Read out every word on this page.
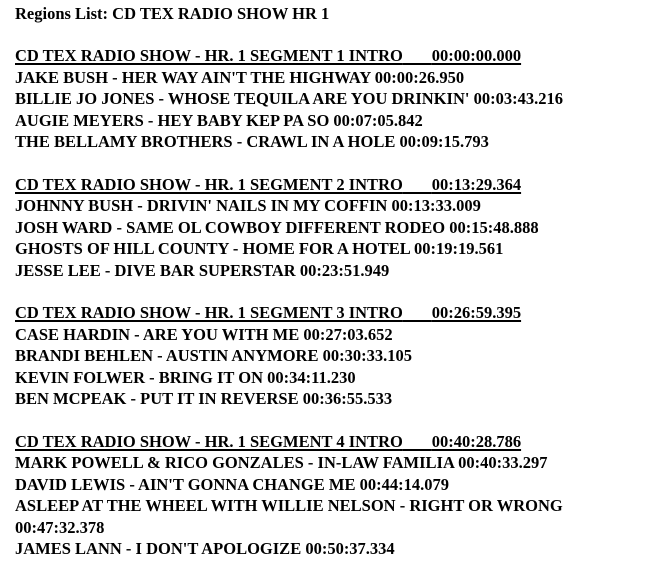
Regions List: CD TEX RADIO SHOW HR 1
CD TEX RADIO SHOW - HR. 1 SEGMENT 1 INTRO 00:00:00.000
JAKE BUSH - HER WAY AIN'T THE HIGHWAY 00:00:26.950
BILLIE JO JONES - WHOSE TEQUILA ARE YOU DRINKIN' 00:03:43.216
AUGIE MEYERS - HEY BABY KEP PA SO 00:07:05.842
THE BELLAMY BROTHERS - CRAWL IN A HOLE 00:09:15.793
CD TEX RADIO SHOW - HR. 1 SEGMENT 2 INTRO 00:13:29.364
JOHNNY BUSH - DRIVIN' NAILS IN MY COFFIN 00:13:33.009
JOSH WARD - SAME OL COWBOY DIFFERENT RODEO 00:15:48.888
GHOSTS OF HILL COUNTY - HOME FOR A HOTEL 00:19:19.561
JESSE LEE - DIVE BAR SUPERSTAR 00:23:51.949
CD TEX RADIO SHOW - HR. 1 SEGMENT 3 INTRO 00:26:59.395
CASE HARDIN - ARE YOU WITH ME 00:27:03.652
BRANDI BEHLEN - AUSTIN ANYMORE 00:30:33.105
KEVIN FOLWER - BRING IT ON 00:34:11.230
BEN MCPEAK - PUT IT IN REVERSE 00:36:55.533
CD TEX RADIO SHOW - HR. 1 SEGMENT 4 INTRO 00:40:28.786
MARK POWELL & RICO GONZALES - IN-LAW FAMILIA 00:40:33.297
DAVID LEWIS - AIN'T GONNA CHANGE ME 00:44:14.079
ASLEEP AT THE WHEEL WITH WILLIE NELSON - RIGHT OR WRONG 00:47:32.378
JAMES LANN - I DON'T APOLOGIZE 00:50:37.334
